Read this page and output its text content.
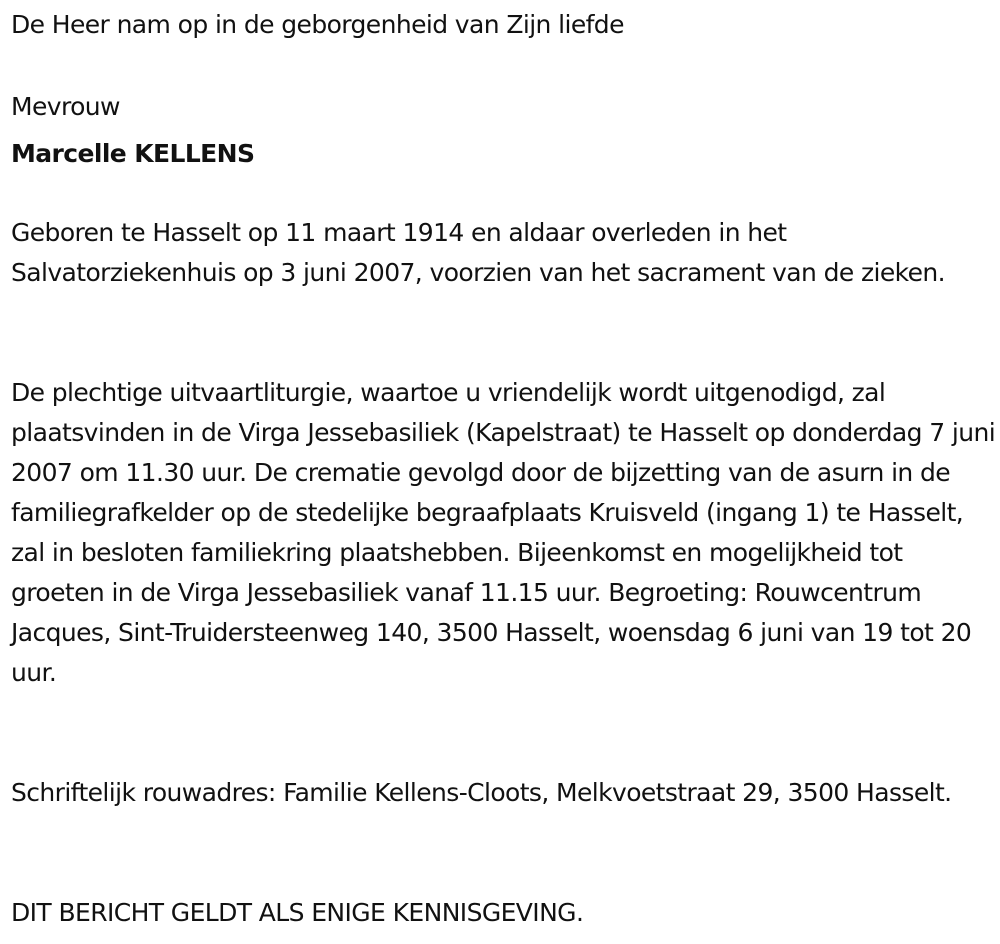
De Heer nam op in de geborgenheid van Zijn liefde

Mevrouw

Marcelle KELLENS

Geboren te Hasselt op 11 maart 1914 en aldaar overleden in het Salvatorziekenhuis op 3 juni 2007, voorzien van het sacrament van de zieken.

De plechtige uitvaartliturgie, waartoe u vriendelijk wordt uitgenodigd, zal plaatsvinden in de Virga Jessebasiliek (Kapelstraat) te Hasselt op donderdag 7 juni 2007 om 11.30 uur. De crematie gevolgd door de bijzetting van de asurn in de familiegrafkelder op de stedelijke begraafplaats Kruisveld (ingang 1) te Hasselt, zal in besloten familiekring plaatshebben. Bijeenkomst en mogelijkheid tot groeten in de Virga Jessebasiliek vanaf 11.15 uur. Begroeting: Rouwcentrum Jacques, Sint-Truidersteenweg 140, 3500 Hasselt, woensdag 6 juni van 19 tot 20 uur.

Schriftelijk rouwadres: Familie Kellens-Cloots, Melkvoetstraat 29, 3500 Hasselt.

DIT BERICHT GELDT ALS ENIGE KENNISGEVING.
